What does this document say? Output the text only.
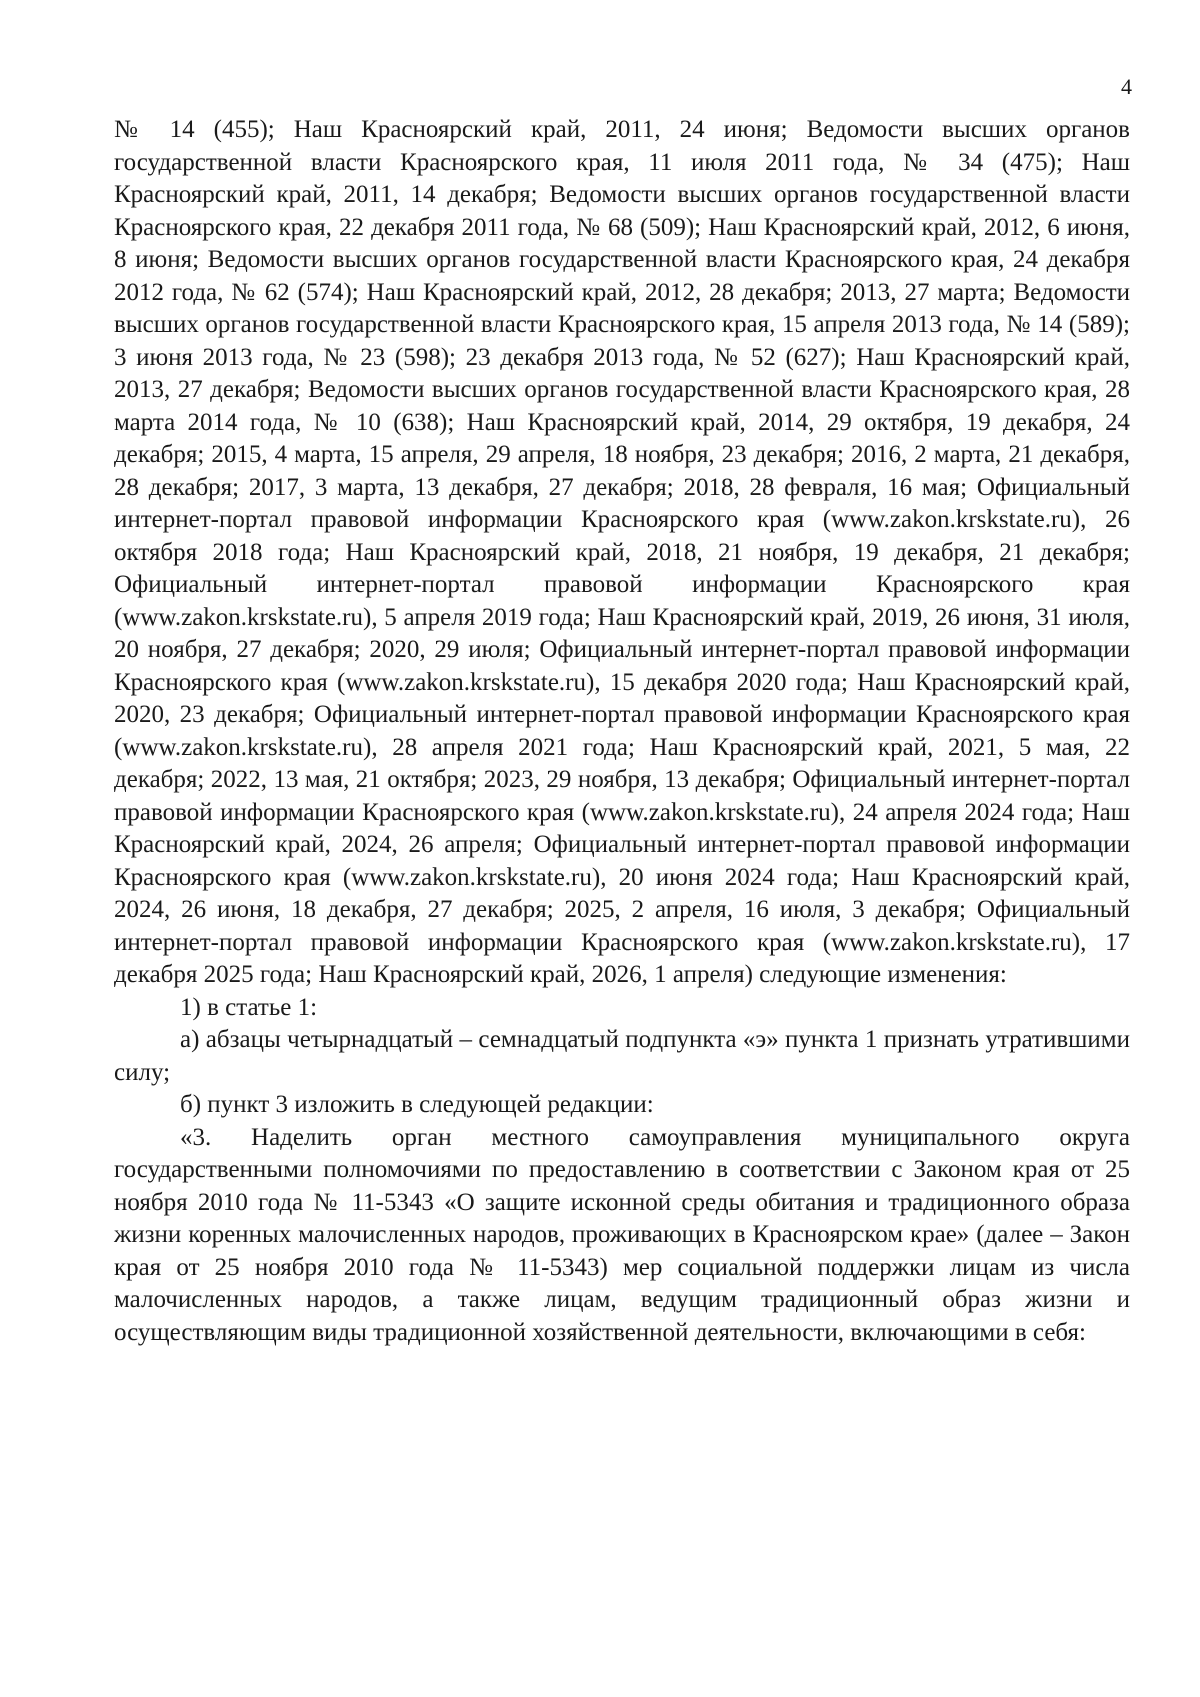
4

№ 14 (455); Наш Красноярский край, 2011, 24 июня; Ведомости высших органов государственной власти Красноярского края, 11 июля 2011 года, № 34 (475); Наш Красноярский край, 2011, 14 декабря; Ведомости высших органов государственной власти Красноярского края, 22 декабря 2011 года, № 68 (509); Наш Красноярский край, 2012, 6 июня, 8 июня; Ведомости высших органов государственной власти Красноярского края, 24 декабря 2012 года, № 62 (574); Наш Красноярский край, 2012, 28 декабря; 2013, 27 марта; Ведомости высших органов государственной власти Красноярского края, 15 апреля 2013 года, № 14 (589); 3 июня 2013 года, № 23 (598); 23 декабря 2013 года, № 52 (627); Наш Красноярский край, 2013, 27 декабря; Ведомости высших органов государственной власти Красноярского края, 28 марта 2014 года, № 10 (638); Наш Красноярский край, 2014, 29 октября, 19 декабря, 24 декабря; 2015, 4 марта, 15 апреля, 29 апреля, 18 ноября, 23 декабря; 2016, 2 марта, 21 декабря, 28 декабря; 2017, 3 марта, 13 декабря, 27 декабря; 2018, 28 февраля, 16 мая; Официальный интернет-портал правовой информации Красноярского края (www.zakon.krskstate.ru), 26 октября 2018 года; Наш Красноярский край, 2018, 21 ноября, 19 декабря, 21 декабря; Официальный интернет-портал правовой информации Красноярского края (www.zakon.krskstate.ru), 5 апреля 2019 года; Наш Красноярский край, 2019, 26 июня, 31 июля, 20 ноября, 27 декабря; 2020, 29 июля; Официальный интернет-портал правовой информации Красноярского края (www.zakon.krskstate.ru), 15 декабря 2020 года; Наш Красноярский край, 2020, 23 декабря; Официальный интернет-портал правовой информации Красноярского края (www.zakon.krskstate.ru), 28 апреля 2021 года; Наш Красноярский край, 2021, 5 мая, 22 декабря; 2022, 13 мая, 21 октября; 2023, 29 ноября, 13 декабря; Официальный интернет-портал правовой информации Красноярского края (www.zakon.krskstate.ru), 24 апреля 2024 года; Наш Красноярский край, 2024, 26 апреля; Официальный интернет-портал правовой информации Красноярского края (www.zakon.krskstate.ru), 20 июня 2024 года; Наш Красноярский край, 2024, 26 июня, 18 декабря, 27 декабря; 2025, 2 апреля, 16 июля, 3 декабря; Официальный интернет-портал правовой информации Красноярского края (www.zakon.krskstate.ru), 17 декабря 2025 года; Наш Красноярский край, 2026, 1 апреля) следующие изменения:

1) в статье 1:

а) абзацы четырнадцатый – семнадцатый подпункта «э» пункта 1 признать утратившими силу;

б) пункт 3 изложить в следующей редакции:

«3. Наделить орган местного самоуправления муниципального округа государственными полномочиями по предоставлению в соответствии с Законом края от 25 ноября 2010 года № 11-5343 «О защите исконной среды обитания и традиционного образа жизни коренных малочисленных народов, проживающих в Красноярском крае» (далее – Закон края от 25 ноября 2010 года № 11-5343) мер социальной поддержки лицам из числа малочисленных народов, а также лицам, ведущим традиционный образ жизни и осуществляющим виды традиционной хозяйственной деятельности, включающими в себя:
